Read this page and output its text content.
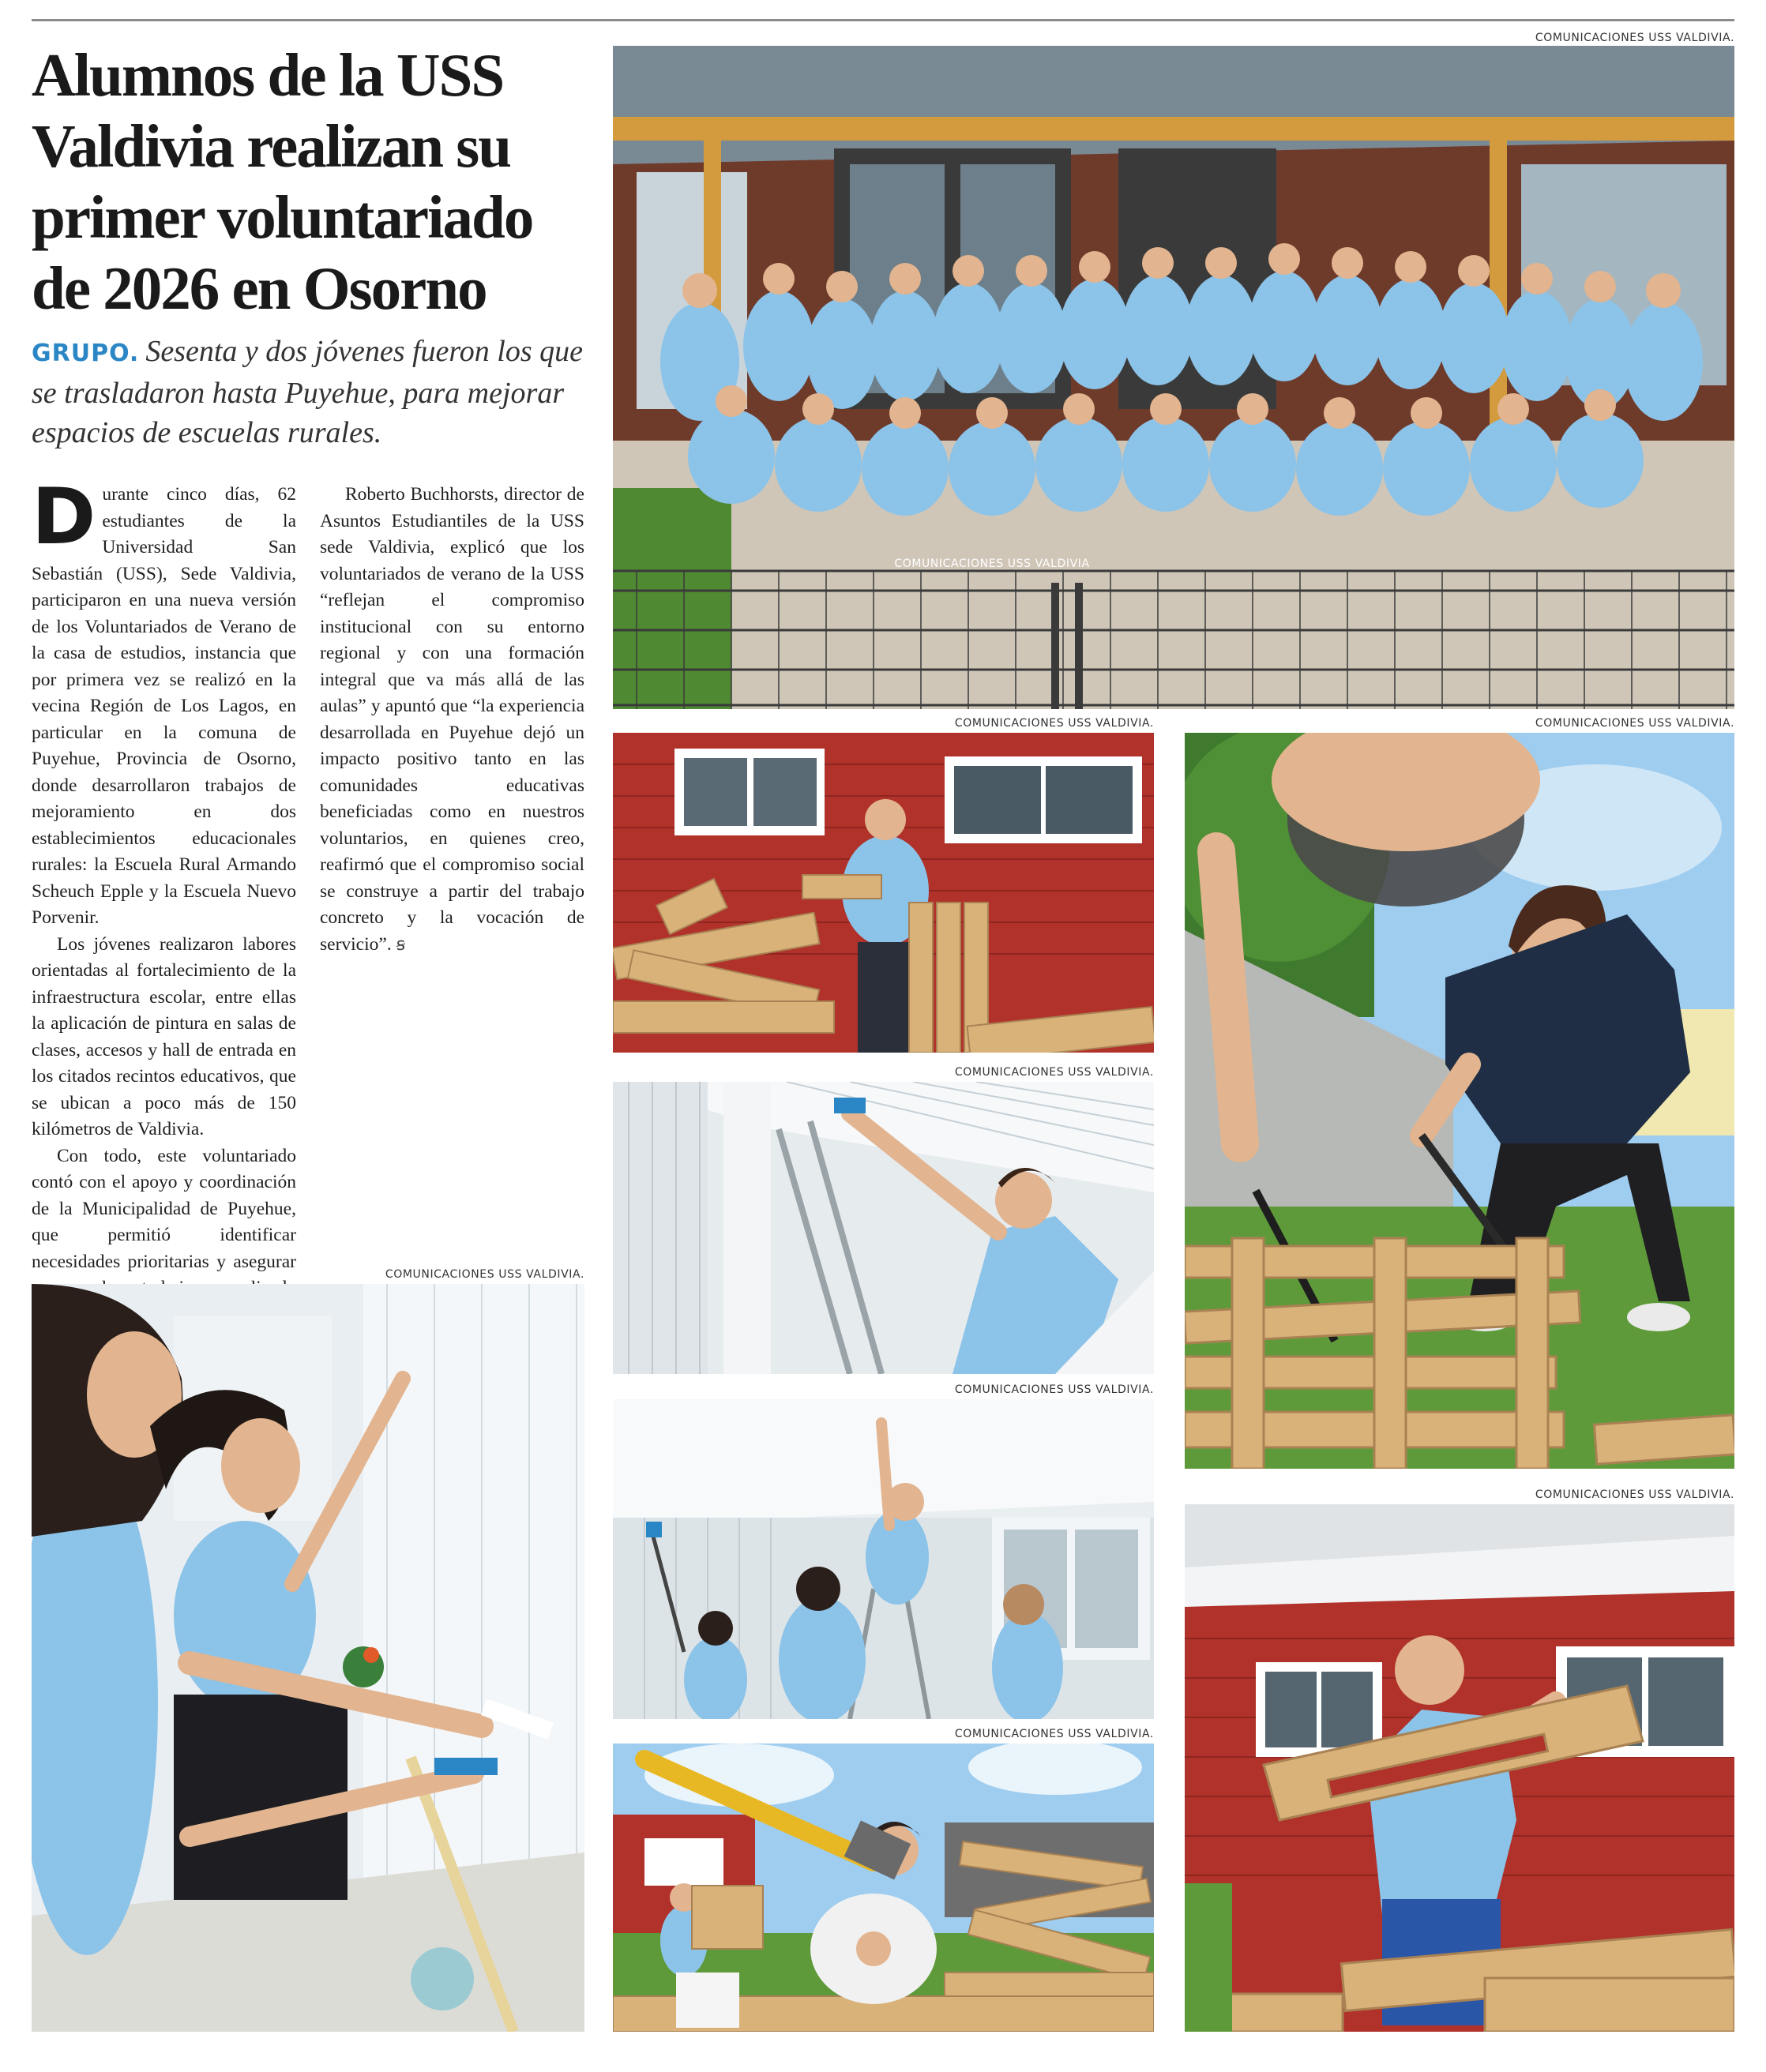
Alumnos de la USS Valdivia realizan su primer voluntariado de 2026 en Osorno

GRUPO. Sesenta y dos jóvenes fueron los que se trasladaron hasta Puyehue, para mejorar espacios de escuelas rurales.

Durante cinco días, 62 estudiantes de la Universidad San Sebastián (USS), Sede Valdivia, participaron en una nueva versión de los Voluntariados de Verano de la casa de estudios, instancia que por primera vez se realizó en la vecina Región de Los Lagos, en particular en la comuna de Puyehue, Provincia de Osorno, donde desarrollaron trabajos de mejoramiento en dos establecimientos educacionales rurales: la Escuela Rural Armando Scheuch Epple y la Escuela Nuevo Porvenir.

Los jóvenes realizaron labores orientadas al fortalecimiento de la infraestructura escolar, entre ellas la aplicación de pintura en salas de clases, accesos y hall de entrada en los citados recintos educativos, que se ubican a poco más de 150 kilómetros de Valdivia.

Con todo, este voluntariado contó con el apoyo y coordinación de la Municipalidad de Puyehue, que permitió identificar necesidades prioritarias y asegurar

Roberto Buchhorsts, director de Asuntos Estudiantiles de la USS sede Valdivia, explicó que los voluntariados de verano de la USS “reflejan el compromiso institucional con su entorno regional y con una formación integral que va más allá de las aulas” y apuntó que “la experiencia desarrollada en Puyehue dejó un impacto positivo tanto en las comunidades educativas beneficiadas como en nuestros voluntarios, en quienes creo, reafirmó que el compromiso social se construye a partir del trabajo concreto y la vocación de servicio”. ꞩ

COMUNICACIONES USS VALDIVIA.
COMUNICACIONES USS VALDIVIA
COMUNICACIONES USS VALDIVIA.
COMUNICACIONES USS VALDIVIA.
COMUNICACIONES USS VALDIVIA.
COMUNICACIONES USS VALDIVIA.
COMUNICACIONES USS VALDIVIA.
COMUNICACIONES USS VALDIVIA.
COMUNICACIONES USS VALDIVIA.
